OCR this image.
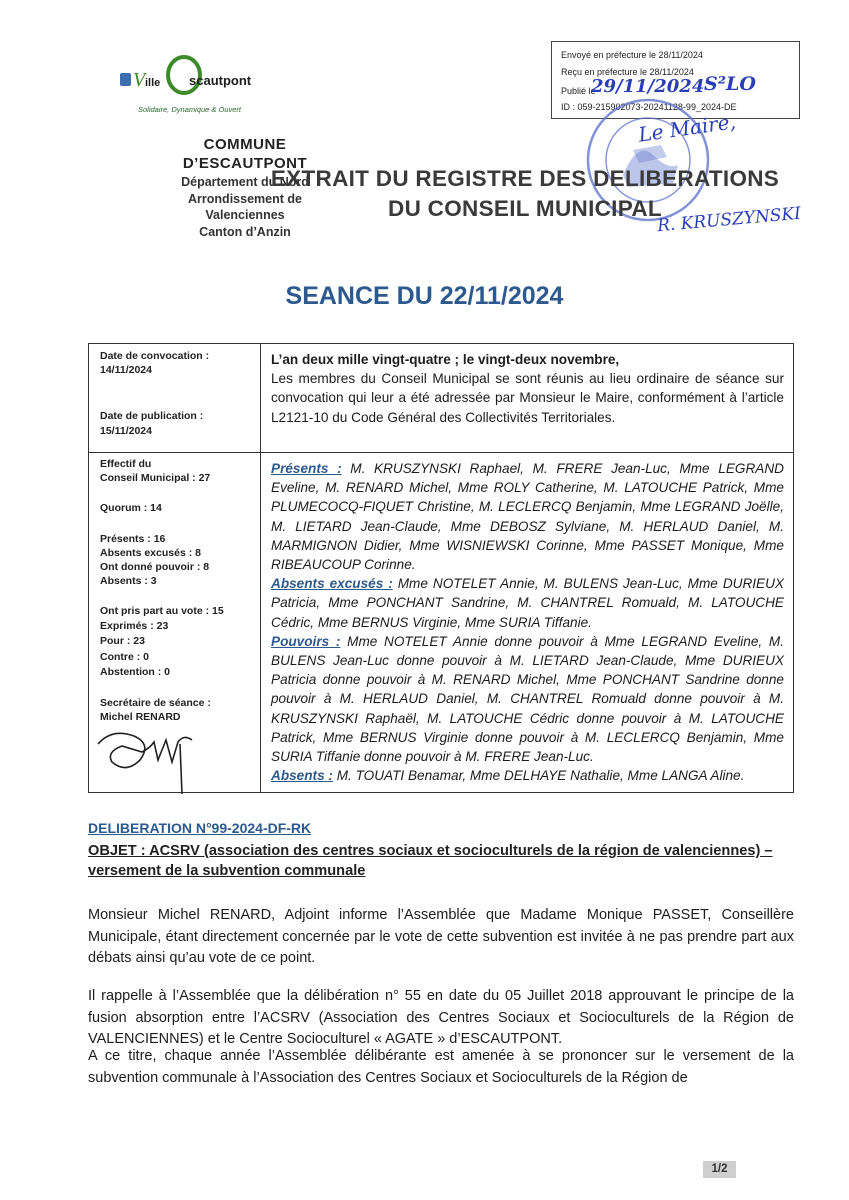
V ille scautpont
Solidaire, Dynamique & Ouvert
COMMUNE
D’ESCAUTPONT
Département du Nord
Arrondissement de
Valenciennes
Canton d’Anzin
Envoyé en préfecture le 28/11/2024
Reçu en préfecture le 28/11/2024
Publié le
ID : 059-215902073-20241128-99_2024-DE
29/11/2024 S²LO
Le Maire,
R. KRUSZYNSKI
EXTRAIT DU REGISTRE DES DELIBERATIONS
DU CONSEIL MUNICIPAL
SEANCE DU 22/11/2024
Date de convocation :
14/11/2024
Date de publication :
15/11/2024
Effectif du
Conseil Municipal : 27
Quorum : 14
Présents : 16
Absents excusés : 8
Ont donné pouvoir : 8
Absents : 3
Ont pris part au vote : 15
Exprimés : 23
Pour : 23
Contre : 0
Abstention : 0
Secrétaire de séance :
Michel RENARD
L’an deux mille vingt-quatre ; le vingt-deux novembre,
Les membres du Conseil Municipal se sont réunis au lieu ordinaire de séance sur convocation qui leur a été adressée par Monsieur le Maire, conformément à l’article L2121-10 du Code Général des Collectivités Territoriales.
Présents : M. KRUSZYNSKI Raphael, M. FRERE Jean-Luc, Mme LEGRAND Eveline, M. RENARD Michel, Mme ROLY Catherine, M. LATOUCHE Patrick, Mme PLUMECOCQ-FIQUET Christine, M. LECLERCQ Benjamin, Mme LEGRAND Joëlle, M. LIETARD Jean-Claude, Mme DEBOSZ Sylviane, M. HERLAUD Daniel, M. MARMIGNON Didier, Mme WISNIEWSKI Corinne, Mme PASSET Monique, Mme RIBEAUCOUP Corinne.
Absents excusés : Mme NOTELET Annie, M. BULENS Jean-Luc, Mme DURIEUX Patricia, Mme PONCHANT Sandrine, M. CHANTREL Romuald, M. LATOUCHE Cédric, Mme BERNUS Virginie, Mme SURIA Tiffanie.
Pouvoirs : Mme NOTELET Annie donne pouvoir à Mme LEGRAND Eveline, M. BULENS Jean-Luc donne pouvoir à M. LIETARD Jean-Claude, Mme DURIEUX Patricia donne pouvoir à M. RENARD Michel, Mme PONCHANT Sandrine donne pouvoir à M. HERLAUD Daniel, M. CHANTREL Romuald donne pouvoir à M. KRUSZYNSKI Raphaël, M. LATOUCHE Cédric donne pouvoir à M. LATOUCHE Patrick, Mme BERNUS Virginie donne pouvoir à M. LECLERCQ Benjamin, Mme SURIA Tiffanie donne pouvoir à M. FRERE Jean-Luc.
Absents : M. TOUATI Benamar, Mme DELHAYE Nathalie, Mme LANGA Aline.
DELIBERATION N°99-2024-DF-RK
OBJET : ACSRV (association des centres sociaux et socioculturels de la région de valenciennes) – versement de la subvention communale
Monsieur Michel RENARD, Adjoint informe l’Assemblée que Madame Monique PASSET, Conseillère Municipale, étant directement concernée par le vote de cette subvention est invitée à ne pas prendre part aux débats ainsi qu’au vote de ce point.
Il rappelle à l’Assemblée que la délibération n° 55 en date du 05 Juillet 2018 approuvant le principe de la fusion absorption entre l’ACSRV (Association des Centres Sociaux et Socioculturels de la Région de VALENCIENNES) et le Centre Socioculturel « AGATE » d’ESCAUTPONT.
A ce titre, chaque année l’Assemblée délibérante est amenée à se prononcer sur le versement de la subvention communale à l’Association des Centres Sociaux et Socioculturels de la Région de
1/2
